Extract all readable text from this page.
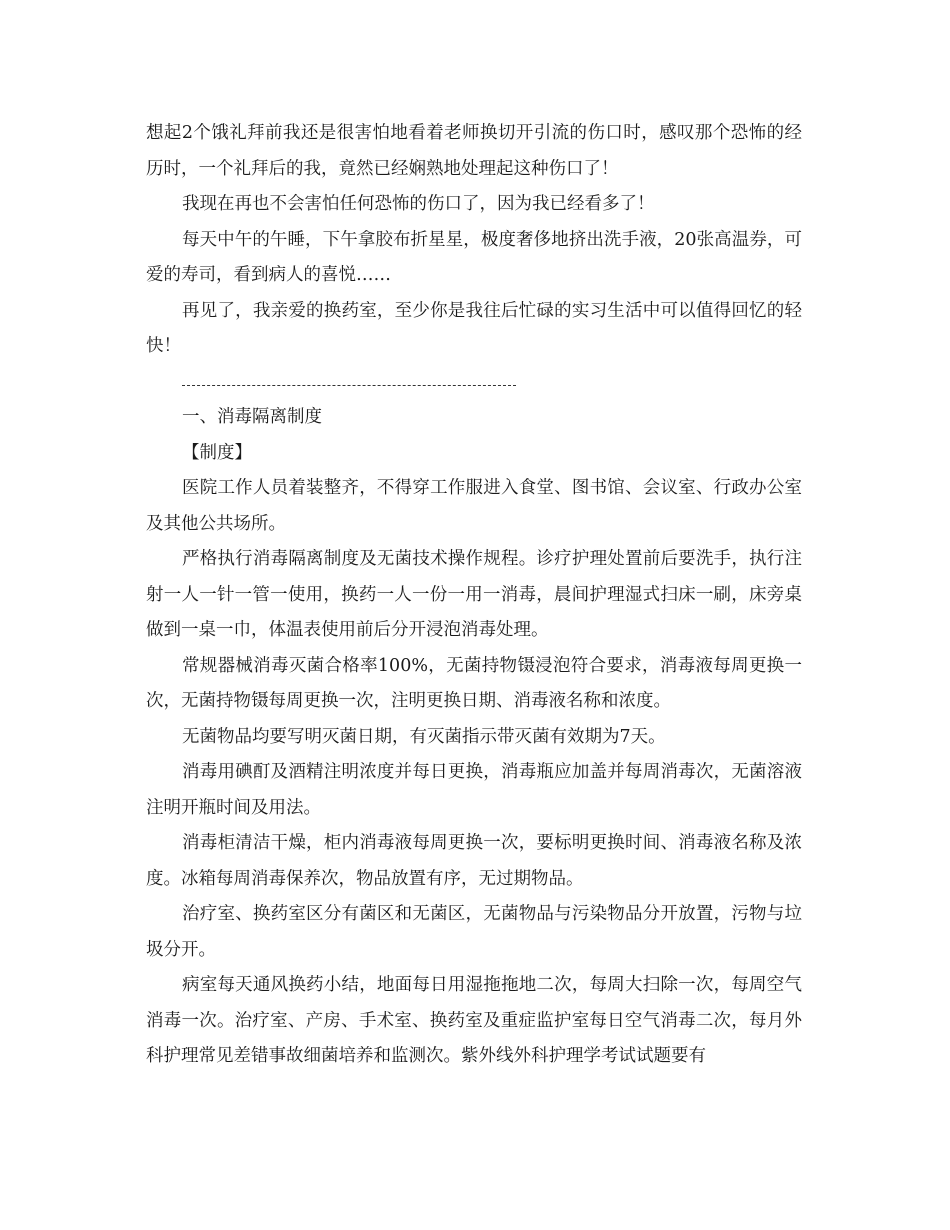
想起2个饿礼拜前我还是很害怕地看着老师换切开引流的伤口时，感叹那个恐怖的经历时，一个礼拜后的我，竟然已经娴熟地处理起这种伤口了！

我现在再也不会害怕任何恐怖的伤口了，因为我已经看多了！

每天中午的午睡，下午拿胶布折星星，极度奢侈地挤出洗手液，20张高温券，可爱的寿司，看到病人的喜悦……

再见了，我亲爱的换药室，至少你是我往后忙碌的实习生活中可以值得回忆的轻快！

一、消毒隔离制度

【制度】

医院工作人员着装整齐，不得穿工作服进入食堂、图书馆、会议室、行政办公室及其他公共场所。

严格执行消毒隔离制度及无菌技术操作规程。诊疗护理处置前后要洗手，执行注射一人一针一管一使用，换药一人一份一用一消毒，晨间护理湿式扫床一刷，床旁桌做到一桌一巾，体温表使用前后分开浸泡消毒处理。

常规器械消毒灭菌合格率100%，无菌持物镊浸泡符合要求，消毒液每周更换一次，无菌持物镊每周更换一次，注明更换日期、消毒液名称和浓度。

无菌物品均要写明灭菌日期，有灭菌指示带灭菌有效期为7天。

消毒用碘酊及酒精注明浓度并每日更换，消毒瓶应加盖并每周消毒次，无菌溶液注明开瓶时间及用法。

消毒柜清洁干燥，柜内消毒液每周更换一次，要标明更换时间、消毒液名称及浓度。冰箱每周消毒保养次，物品放置有序，无过期物品。

治疗室、换药室区分有菌区和无菌区，无菌物品与污染物品分开放置，污物与垃圾分开。

病室每天通风换药小结，地面每日用湿拖拖地二次，每周大扫除一次，每周空气消毒一次。治疗室、产房、手术室、换药室及重症监护室每日空气消毒二次，每月外科护理常见差错事故细菌培养和监测次。紫外线外科护理学考试试题要有
